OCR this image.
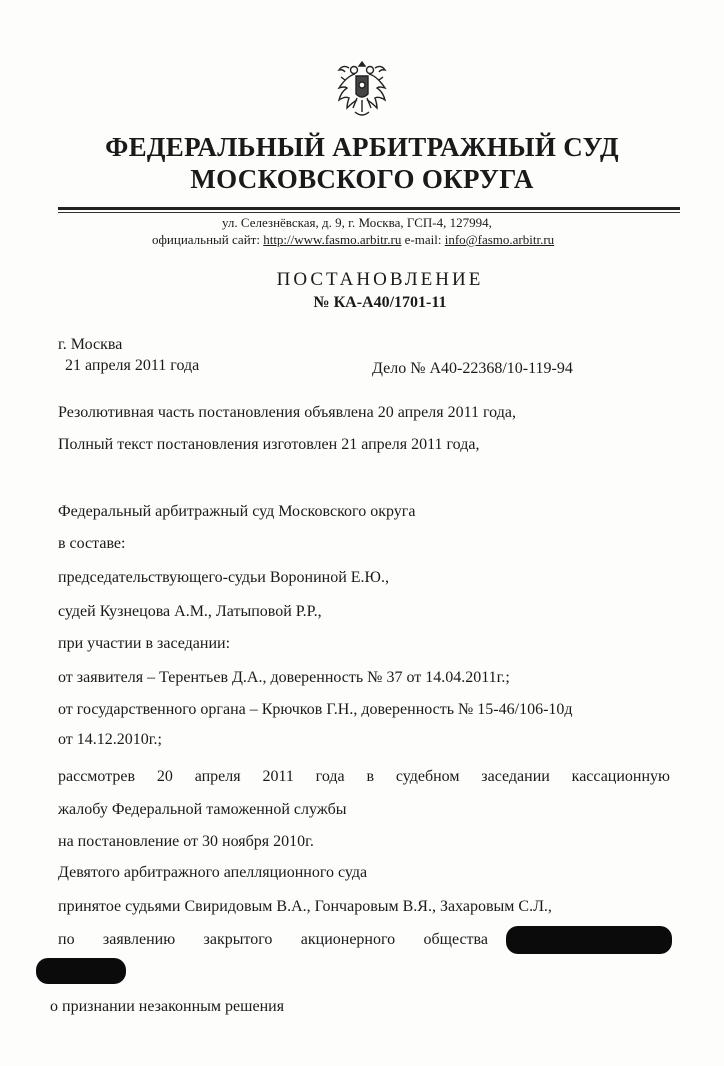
ФЕДЕРАЛЬНЫЙ АРБИТРАЖНЫЙ СУД
МОСКОВСКОГО ОКРУГА
ул. Селезнёвская, д. 9, г. Москва, ГСП-4, 127994,
официальный сайт: http://www.fasmo.arbitr.ru e-mail: info@fasmo.arbitr.ru
ПОСТАНОВЛЕНИЕ
№ КА-А40/1701-11
г. Москва
21 апреля 2011 года	Дело № А40-22368/10-119-94
Резолютивная часть постановления объявлена 20 апреля 2011 года,
Полный текст постановления изготовлен 21 апреля 2011 года,
Федеральный арбитражный суд Московского округа
в составе:
председательствующего-судьи Ворониной Е.Ю.,
судей Кузнецова А.М., Латыповой Р.Р.,
при участии в заседании:
от заявителя – Терентьев Д.А., доверенность № 37 от 14.04.2011г.;
от государственного органа – Крючков Г.Н., доверенность № 15-46/106-10д
от 14.12.2010г.;
рассмотрев 20 апреля 2011 года в судебном заседании кассационную
жалобу Федеральной таможенной службы
на постановление от 30 ноября 2010г.
Девятого арбитражного апелляционного суда
принятое судьями Свиридовым В.А., Гончаровым В.Я., Захаровым С.Л.,
по заявлению закрытого акционерного общества
о признании незаконным решения
